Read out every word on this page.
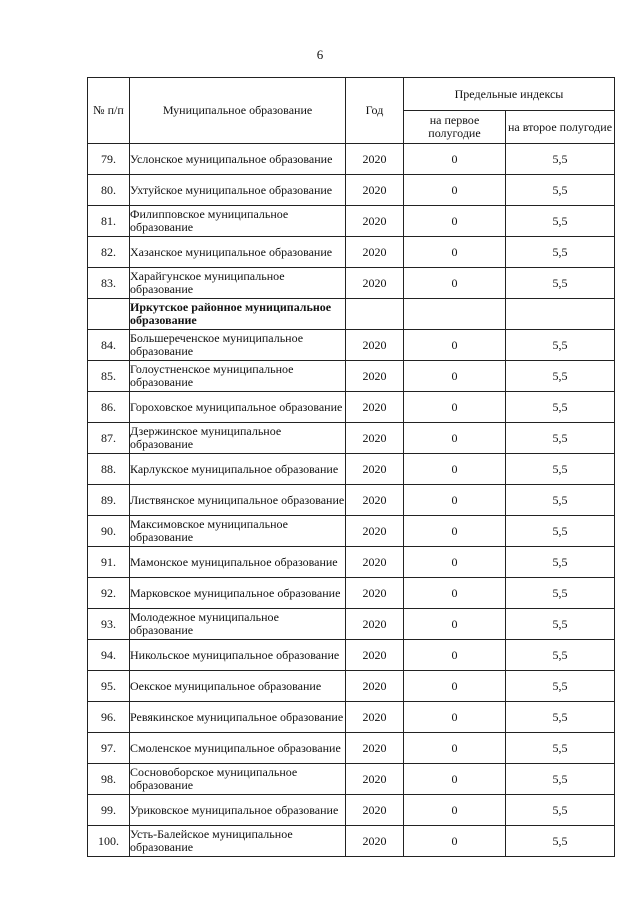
6
№ п/п	Муниципальное образование	Год	Предельные индексы	
			на первое полугодие	на второе полугодие
79.	Услонское муниципальное образование	2020	0	5,5
80.	Ухтуйское муниципальное образование	2020	0	5,5
81.	Филипповское муниципальное образование	2020	0	5,5
82.	Хазанское муниципальное образование	2020	0	5,5
83.	Харайгунское муниципальное образование	2020	0	5,5
	Иркутское районное муниципальное образование			
84.	Большереченское муниципальное образование	2020	0	5,5
85.	Голоустненское муниципальное образование	2020	0	5,5
86.	Гороховское муниципальное образование	2020	0	5,5
87.	Дзержинское муниципальное образование	2020	0	5,5
88.	Карлукское муниципальное образование	2020	0	5,5
89.	Листвянское муниципальное образование	2020	0	5,5
90.	Максимовское муниципальное образование	2020	0	5,5
91.	Мамонское муниципальное образование	2020	0	5,5
92.	Марковское муниципальное образование	2020	0	5,5
93.	Молодежное муниципальное образование	2020	0	5,5
94.	Никольское муниципальное образование	2020	0	5,5
95.	Оекское муниципальное образование	2020	0	5,5
96.	Ревякинское муниципальное образование	2020	0	5,5
97.	Смоленское муниципальное образование	2020	0	5,5
98.	Сосновоборское муниципальное образование	2020	0	5,5
99.	Уриковское муниципальное образование	2020	0	5,5
100.	Усть-Балейское муниципальное образование	2020	0	5,5
